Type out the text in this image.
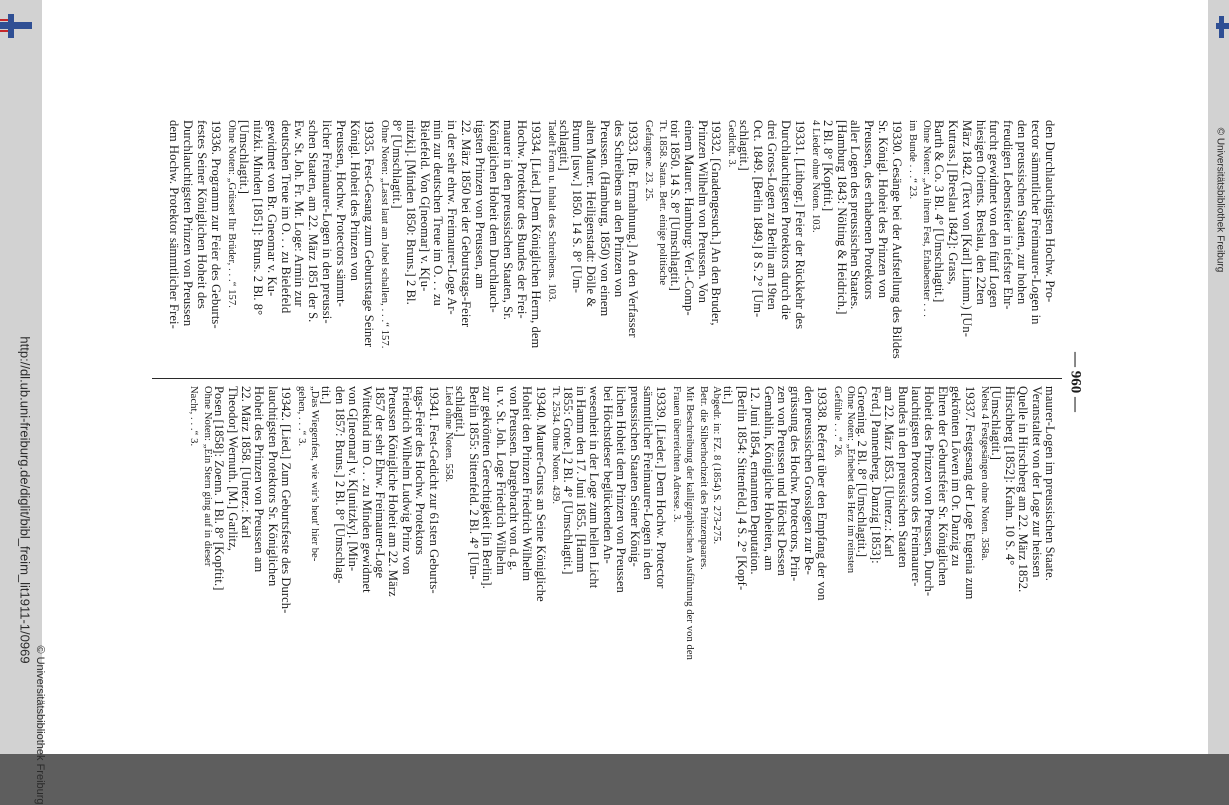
http://dl.ub.uni-freiburg.de/diglit/bibl_freim_lit1911-1/0969
© Universitätsbibliothek Freiburg
— 960 —
den Durchlauchtigsten Hochw. Pro-
tector sämmtlicher Freimaurer-Logen in
den preussischen Staaten, zur hohen
freudigen Lebensfeier in tiefster Ehr-
furcht gewidmet von den fünf Logen
hiesigen Orients. Breslau, den 22ten
März 1842. (Text von [Karl] Linnm.) [Un-
Kutrass.] [Breslau 1842]: Grass,
Barth & Co. 3 Bl. 4° [Umschlagtit.]
Ohne Noten: „An ihrem Fest, Erhabenster . . .
im Bunde . . .“ 23.
19330. Gesänge bei der Aufstellung des Bildes
Sr. Königl. Hoheit des Prinzen von
Preussen, des erhabenen Protektors
aller Logen des preussischen Staates.
[Hamburg 1843: Nölting & Heidrich.]
2 Bl. 8° [Kopftit.]
4 Lieder ohne Noten. 103.
19331. [Lithogr.] Feier der Rückkehr des
Durchlauchtigsten Protektors durch die
drei Gross-Logen zu Berlin am 19ten
Oct. 1849. [Berlin 1849.] 8 S. 2° [Um-
schlagtit.]
Gedicht. 3.
19332. [Gnadengesuch.] An den Bruder,
Prinzen Wilhelm von Preussen. Von
einem Maurer. Hamburg: Verl.-Comp-
toir 1850. 14 S. 8° [Umschlagtit.]
Tt. 1858. Satan. Betr. einige politische
Gefangene. 23. 25.
19333. [Br. Ermahnung.] An den Verfasser
des Schreibens an den Prinzen von
Preussen. (Hamburg, 1850) von einem
alten Maurer. Heiligenstadt: Dölle &
Brunn [usw.] 1850. 14 S. 8° [Um-
schlagtit.]
Tadelt Form u. Inhalt des Schreibens. 103.
19334. [Lied.] Dem Königlichen Herrn, dem
Hochw. Protektor des Bundes der Frei-
maurer in den preussischen Staaten, Sr.
Königlichen Hoheit dem Durchlauch-
tigsten Prinzen von Preussen, am
22. März 1850 bei der Geburtstags-Feier
in der sehr ehrw. Freimaurer-Loge Ar-
min zur deutschen Treue im O. . . zu
Bielefeld. Von G[neomar] v. K[u-
nitzki]. [Minden 1850: Bruns.] 2 Bl.
8° [Umschlagtit.]
Ohne Noten: „Lasst laut am Jubel schallen, . . .“ 157.
19335. Fest-Gesang zum Geburtstage Seiner
Königl. Hoheit des Prinzen von
Preussen, Hochw. Protectors sämmt-
licher Freimaurer-Logen in den preussi-
schen Staaten, am 22. März 1851 der S.
Ew. St. Joh. Fr. Mr. Loge: Armin zur
deutschen Treue im O. . . zu Bielefeld
gewidmet von Br. Gneomar v. Ku-
nitzki. Minden [1851]: Bruns. 2 Bl. 8°
[Umschlagtit.]
Ohne Noten: „Grüsset Ihr Brüder, . . .“ 157.
19336. Programm zur Feier des Geburts-
festes Seiner Königlichen Hoheit des
Durchlauchtigsten Prinzen von Preussen
dem Hochw. Protektor sämmtlicher Frei-
maurer-Logen im preussischen Staate.
Veranstaltet von der Loge zur heissen
Quelle in Hirschberg am 22. März 1852.
Hirschberg [1852]: Krahn. 10 S. 4°
[Umschlagtit.]
Nebst 4 Festgesängen ohne Noten. 358a.
19337. Festgesang der Loge Eugenia zum
gekrönten Löwen im Or. Danzig zu
Ehren der Geburtsfeier Sr. Königlichen
Hoheit des Prinzen von Preussen, Durch-
lauchtigsten Protectors des Freimaurer-
Bundes in den preussischen Staaten
am 22. März 1853. [Unterz.: Karl
Ferd.] Pannenberg. Danzig [1853]:
Groening. 2 Bl. 8° [Umschlagtit.]
Ohne Noten: „Erhebet das Herz im reinsten
Gefühle . . .“ 26.
19338. Referat über den Empfang der von
den preussischen Grosslogen zur Be-
grüssung des Hochw. Protectors, Prin-
zen von Preussen und Höchst Dessen
Gemahlin, Königliche Hoheiten, am
12. Juni 1854, ernannten Deputation.
[Berlin 1854: Sittenfeld.] 4 S. 2° [Kopf-
tit.]
Abgedr. in: FZ. 8 (1854) S. 273-275.
Betr. die Silberhochzeit des Prinzenpaares.
Mit Beschreibung der kalligraphischen Ausführung der von den
Frauen überreichten Adresse. 3.
19339. [Lieder.] Dem Hochw. Protector
sämmtlicher Freimaurer-Logen in den
preussischen Staaten Seiner König-
lichen Hoheit dem Prinzen von Preussen
bei Höchstdeser beglückenden An-
wesenheit in der Loge zum hellen Licht
in Hamm den 17. Juni 1855. [Hamm
1855: Grote.] 2 Bl. 4° [Umschlagtit.]
Tt. 2534. Ohne Noten. 439.
19340. Maurer-Gruss an Seine Königliche
Hoheit den Prinzen Friedrich Wilhelm
von Preussen. Dargebracht von d. g.
u. v. St. Joh. Loge Friedrich Wilhelm
zur gekrönten Gerechtigkeit [in Berlin].
Berlin 1855: Sittenfeld. 2 Bl. 4° [Um-
schlagtit.]
Lied ohne Noten. 558.
19341. Fest-Gedicht zur 61sten Geburts-
tags-Feier des Hochw. Protektors
Friedrich Wilhelm Ludwig Prinz von
Preussen Königliche Hoheit am 22. März
1857 der sehr Ehrw. Freimaurer-Loge
Wittekind im O. . . zu Minden gewidmet
von G[neomar] v. K[unitzky]. [Min-
den 1857: Bruns.] 2 Bl. 8° [Umschlag-
tit.]
„Das Wiegenfest, wie wir's heut' hier be-
gehen, . . .“ 3.
19342. [Lied.] Zum Geburtsfeste des Durch-
lauchtigsten Protektors Sr. Königlichen
Hoheit des Prinzen von Preussen am
22. März 1858. [Unterz.: Karl
Theodor] Wernuth. [M.] Garlitz,
Posen [1858]: Zoenn. 1 Bl. 8° [Kopftit.]
Ohne Noten: „Ein Stern ging auf in dieser
Nacht, . . .“ 3.
© Universitätsbibliothek Freiburg
